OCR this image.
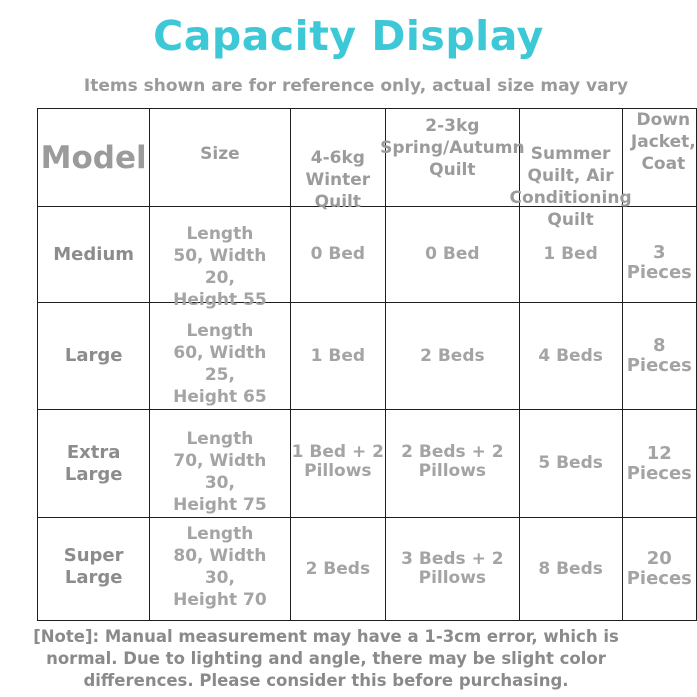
Capacity Display
Items shown are for reference only, actual size may vary
Model	Size	4-6kg Winter Quilt	2-3kg Spring/Autumn Quilt	Summer Quilt, Air Conditioning Quilt	Down Jacket, Coat

Medium	Length 50, Width 20, Height 55	0 Bed	0 Bed	1 Bed	3 Pieces

Large	Length 60, Width 25, Height 65	1 Bed	2 Beds	4 Beds	8 Pieces

Extra Large	Length 70, Width 30, Height 75	1 Bed + 2 Pillows	2 Beds + 2 Pillows	5 Beds	12 Pieces

Super Large	Length 80, Width 30, Height 70	2 Beds	3 Beds + 2 Pillows	8 Beds	20 Pieces
[Note]: Manual measurement may have a 1-3cm error, which is normal. Due to lighting and angle, there may be slight color differences. Please consider this before purchasing.
